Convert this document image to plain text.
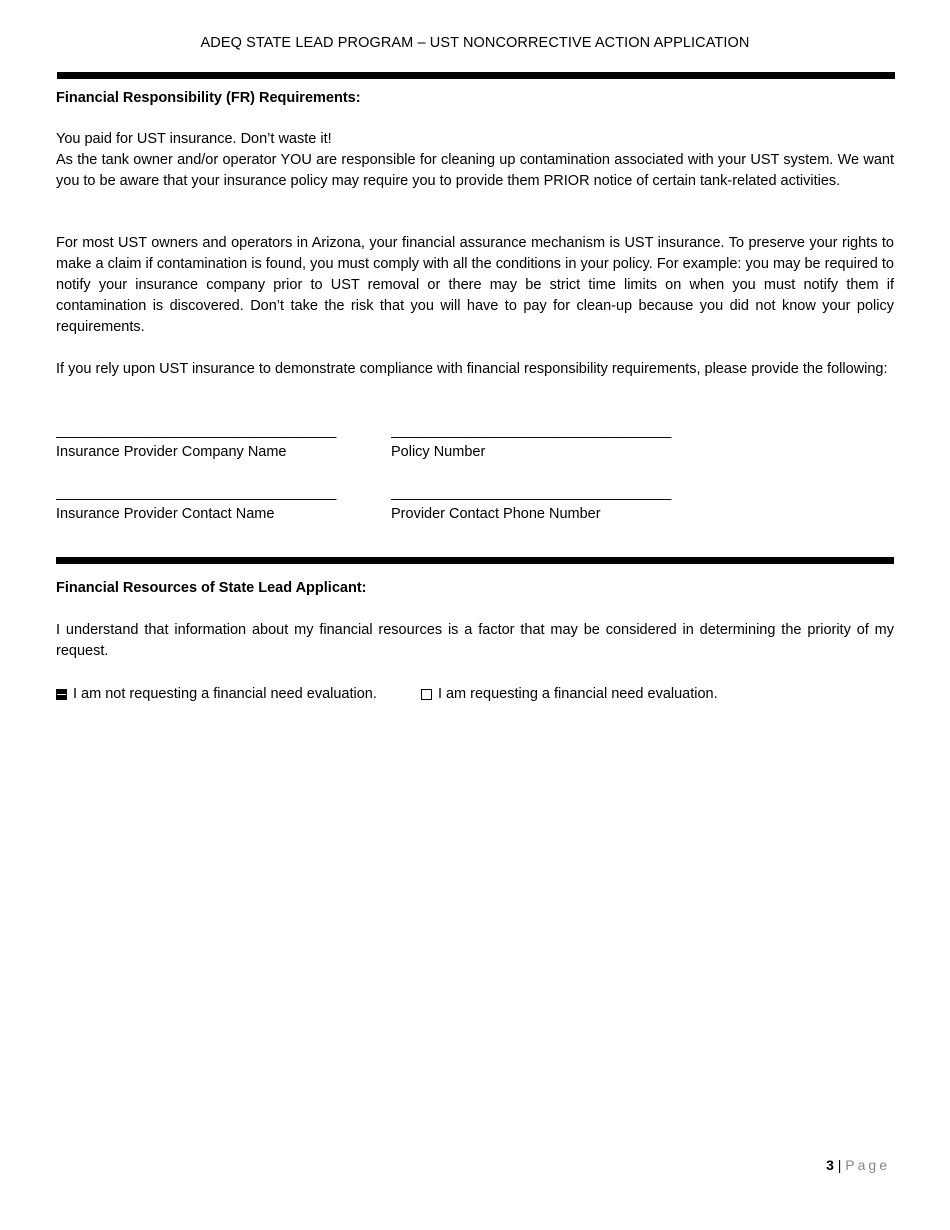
ADEQ STATE LEAD PROGRAM – UST NONCORRECTIVE ACTION APPLICATION
Financial Responsibility (FR) Requirements:

You paid for UST insurance. Don’t waste it!

As the tank owner and/or operator YOU are responsible for cleaning up contamination associated with your UST system. We want you to be aware that your insurance policy may require you to provide them PRIOR notice of certain tank-related activities.

For most UST owners and operators in Arizona, your financial assurance mechanism is UST insurance. To preserve your rights to make a claim if contamination is found, you must comply with all the conditions in your policy. For example: you may be required to notify your insurance company prior to UST removal or there may be strict time limits on when you must notify them if contamination is discovered. Don’t take the risk that you will have to pay for clean-up because you did not know your policy requirements.

If you rely upon UST insurance to demonstrate compliance with financial responsibility requirements, please provide the following:

_____________________________________
Insurance Provider Company Name
_____________________________________
Policy Number
_____________________________________
Insurance Provider Contact Name
_____________________________________
Provider Contact Phone Number
Financial Resources of State Lead Applicant:

I understand that information about my financial resources is a factor that may be considered in determining the priority of my request.

I am not requesting a financial need evaluation.
	I am requesting a financial need evaluation.
3 | Page
